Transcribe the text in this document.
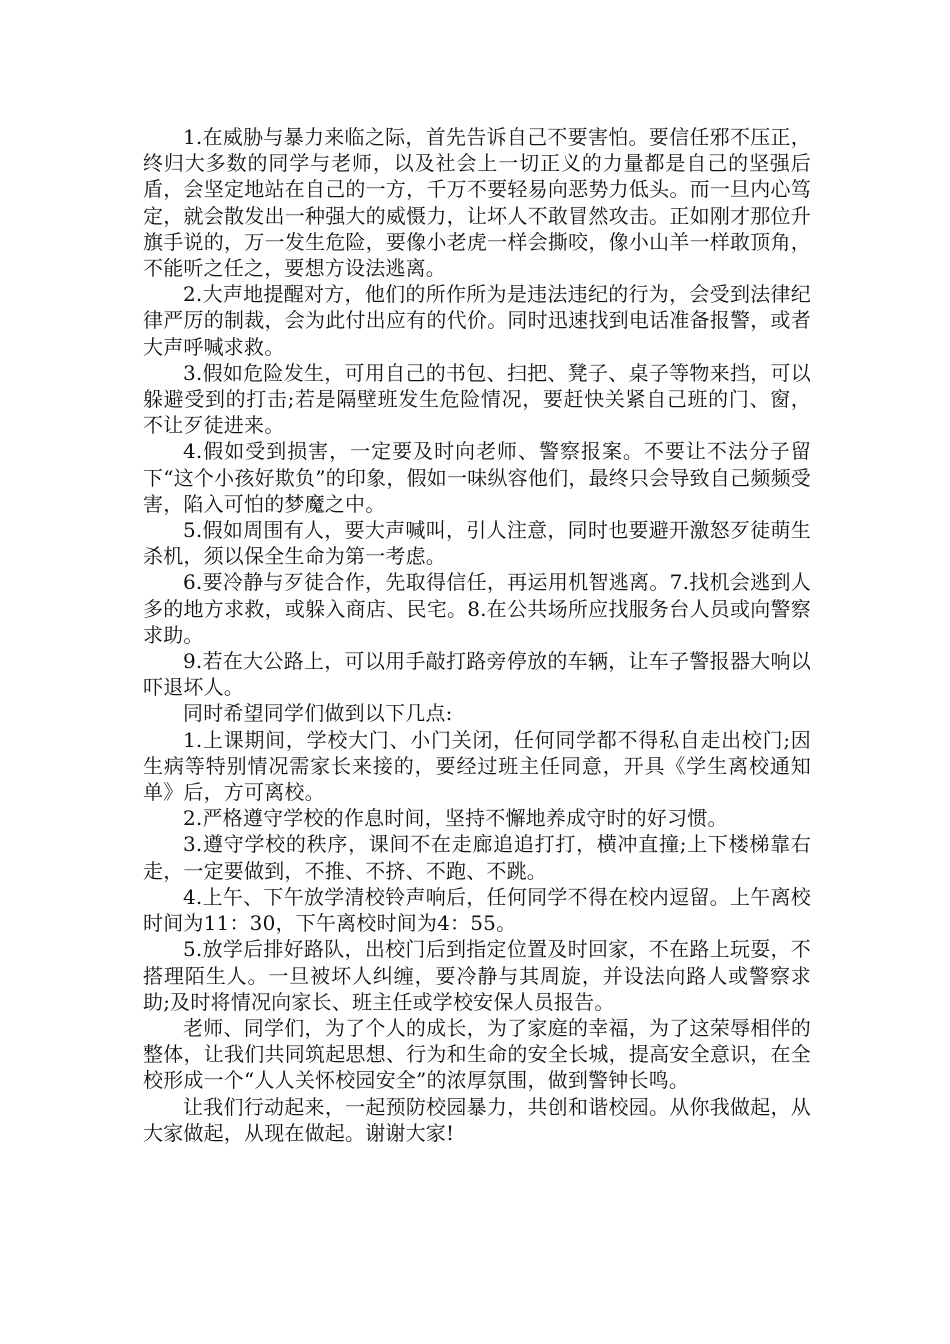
1.在威胁与暴力来临之际，首先告诉自己不要害怕。要信任邪不压正，终归大多数的同学与老师，以及社会上一切正义的力量都是自己的坚强后盾，会坚定地站在自己的一方，千万不要轻易向恶势力低头。而一旦内心笃定，就会散发出一种强大的威慑力，让坏人不敢冒然攻击。正如刚才那位升旗手说的，万一发生危险，要像小老虎一样会撕咬，像小山羊一样敢顶角，不能听之任之，要想方设法逃离。

2.大声地提醒对方，他们的所作所为是违法违纪的行为，会受到法律纪律严厉的制裁，会为此付出应有的代价。同时迅速找到电话准备报警，或者大声呼喊求救。

3.假如危险发生，可用自己的书包、扫把、凳子、桌子等物来挡，可以躲避受到的打击;若是隔壁班发生危险情况，要赶快关紧自己班的门、窗，不让歹徒进来。

4.假如受到损害，一定要及时向老师、警察报案。不要让不法分子留下“这个小孩好欺负”的印象，假如一味纵容他们，最终只会导致自己频频受害，陷入可怕的梦魔之中。

5.假如周围有人，要大声喊叫，引人注意，同时也要避开激怒歹徒萌生杀机，须以保全生命为第一考虑。

6.要冷静与歹徒合作，先取得信任，再运用机智逃离。7.找机会逃到人多的地方求救，或躲入商店、民宅。8.在公共场所应找服务台人员或向警察求助。

9.若在大公路上，可以用手敲打路旁停放的车辆，让车子警报器大响以吓退坏人。

同时希望同学们做到以下几点:

1.上课期间，学校大门、小门关闭，任何同学都不得私自走出校门;因生病等特别情况需家长来接的，要经过班主任同意，开具《学生离校通知单》后，方可离校。

2.严格遵守学校的作息时间，坚持不懈地养成守时的好习惯。

3.遵守学校的秩序，课间不在走廊追追打打，横冲直撞;上下楼梯靠右走，一定要做到，不推、不挤、不跑、不跳。

4.上午、下午放学清校铃声响后，任何同学不得在校内逗留。上午离校时间为11：30，下午离校时间为4：55。

5.放学后排好路队，出校门后到指定位置及时回家，不在路上玩耍，不搭理陌生人。一旦被坏人纠缠，要冷静与其周旋，并设法向路人或警察求助;及时将情况向家长、班主任或学校安保人员报告。

老师、同学们，为了个人的成长，为了家庭的幸福，为了这荣辱相伴的整体，让我们共同筑起思想、行为和生命的安全长城，提高安全意识，在全校形成一个“人人关怀校园安全”的浓厚氛围，做到警钟长鸣。

让我们行动起来，一起预防校园暴力，共创和谐校园。从你我做起，从大家做起，从现在做起。谢谢大家!
